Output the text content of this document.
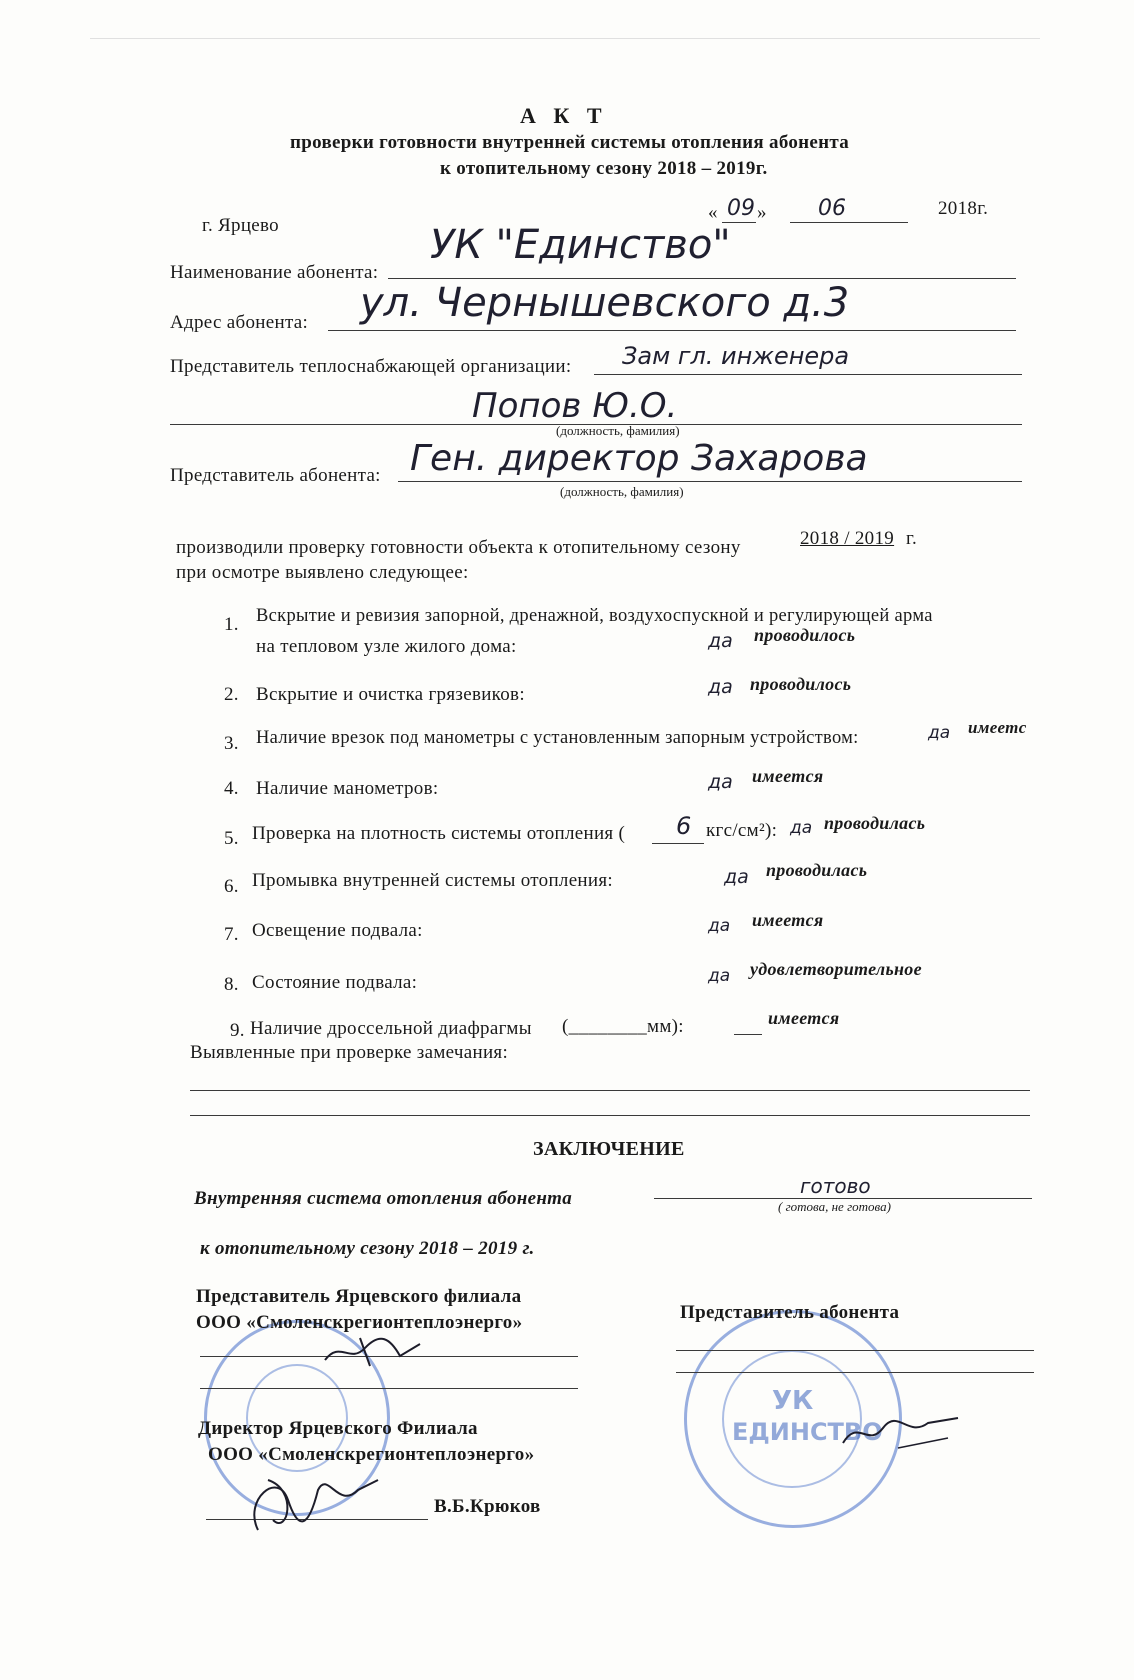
А К Т
проверки готовности внутренней системы отопления абонента
к отопительному сезону 2018 – 2019г.
г. Ярцево
« 09 » 06	2018г.
Наименование абонента:
УК "Единство"
Адрес абонента: ул. Чернышевского д.3
Представитель теплоснабжающей организации: Зам гл. инженера
Попов Ю.О.
(должность, фамилия)
Представитель абонента: Ген. директор Захарова
(должность, фамилия)
производили проверку готовности объекта к отопительному сезону	2018 / 2019 г.
при осмотре выявлено следующее:
1. Вскрытие и ревизия запорной, дренажной, воздухоспускной и регулирующей арма
на тепловом узле жилого дома:	да проводилось
2. Вскрытие и очистка грязевиков:	да проводилось
3. Наличие врезок под манометры с установленным запорным устройством:	да имеетс
4. Наличие манометров:	да имеется
5. Проверка на плотность системы отопления ( 6 кгс/см²): да проводилась
6. Промывка внутренней системы отопления:	да проводилась
7. Освещение подвала:	да имеется
8. Состояние подвала:	да удовлетворительное
9. Наличие дроссельной диафрагмы (________мм):	имеется
Выявленные при проверке замечания:
ЗАКЛЮЧЕНИЕ
Внутренняя система отопления абонента
готово
( готова, не готова)
к отопительному сезону 2018 – 2019 г.
УК
ЕДИНСТВО
Представитель Ярцевского филиала
ООО «Смоленскрегионтеплоэнерго»	Представитель абонента
Директор Ярцевского Филиала
ООО «Смоленскрегионтеплоэнерго»
В.Б.Крюков
